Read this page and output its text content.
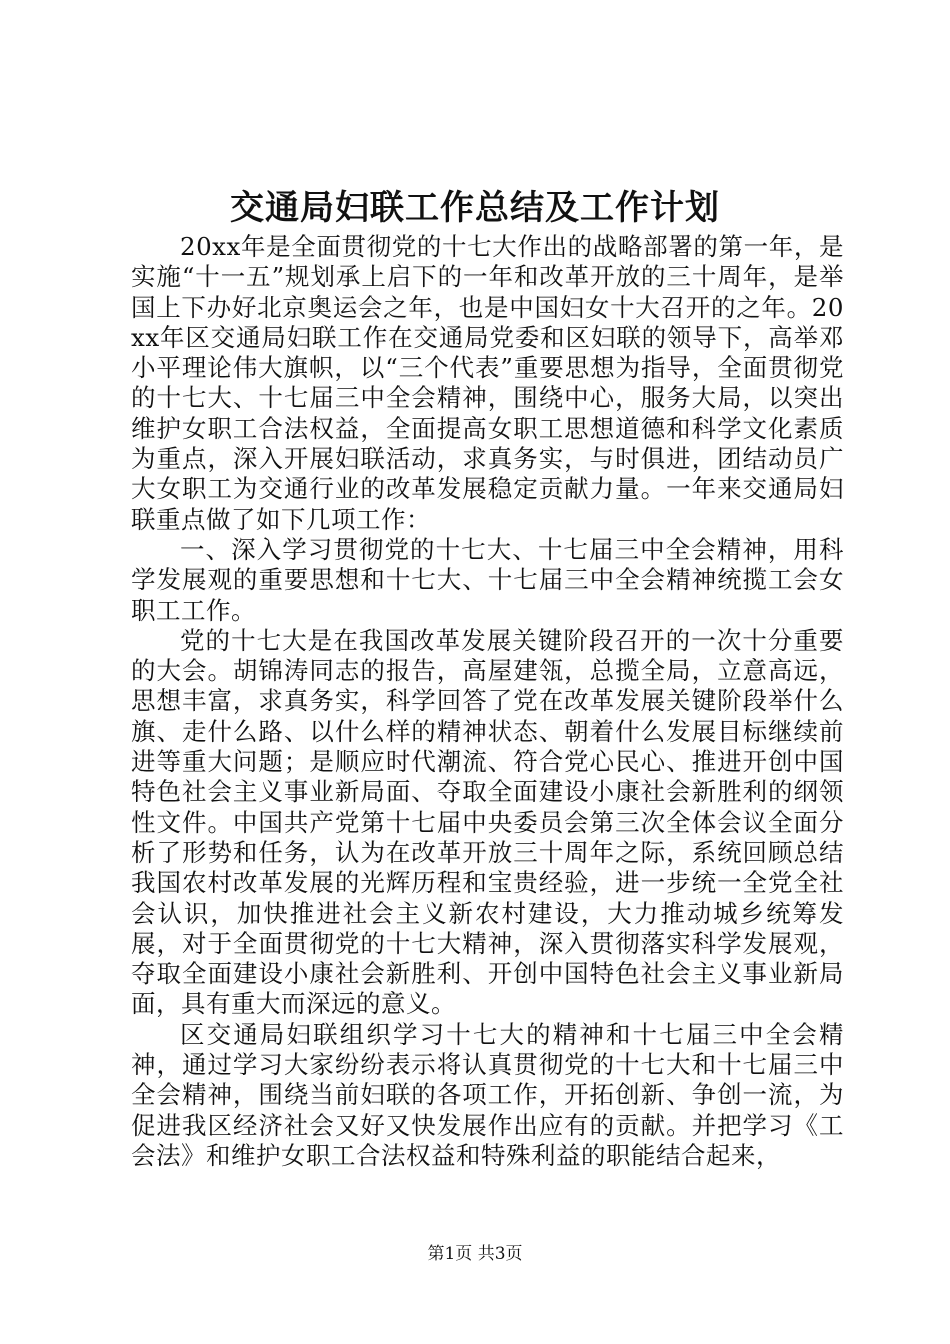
交通局妇联工作总结及工作计划

20xx年是全面贯彻党的十七大作出的战略部署的第一年，是实施“十一五”规划承上启下的一年和改革开放的三十周年，是举国上下办好北京奥运会之年，也是中国妇女十大召开的之年。20xx年区交通局妇联工作在交通局党委和区妇联的领导下，高举邓小平理论伟大旗帜，以“三个代表”重要思想为指导，全面贯彻党的十七大、十七届三中全会精神，围绕中心，服务大局，以突出维护女职工合法权益，全面提高女职工思想道德和科学文化素质为重点，深入开展妇联活动，求真务实，与时俱进，团结动员广大女职工为交通行业的改革发展稳定贡献力量。一年来交通局妇联重点做了如下几项工作：

一、深入学习贯彻党的十七大、十七届三中全会精神，用科学发展观的重要思想和十七大、十七届三中全会精神统揽工会女职工工作。

党的十七大是在我国改革发展关键阶段召开的一次十分重要的大会。胡锦涛同志的报告，高屋建瓴，总揽全局，立意高远，思想丰富，求真务实，科学回答了党在改革发展关键阶段举什么旗、走什么路、以什么样的精神状态、朝着什么发展目标继续前进等重大问题；是顺应时代潮流、符合党心民心、推进开创中国特色社会主义事业新局面、夺取全面建设小康社会新胜利的纲领性文件。中国共产党第十七届中央委员会第三次全体会议全面分析了形势和任务，认为在改革开放三十周年之际，系统回顾总结我国农村改革发展的光辉历程和宝贵经验，进一步统一全党全社会认识，加快推进社会主义新农村建设，大力推动城乡统筹发展，对于全面贯彻党的十七大精神，深入贯彻落实科学发展观，夺取全面建设小康社会新胜利、开创中国特色社会主义事业新局面，具有重大而深远的意义。

区交通局妇联组织学习十七大的精神和十七届三中全会精神，通过学习大家纷纷表示将认真贯彻党的十七大和十七届三中全会精神，围绕当前妇联的各项工作，开拓创新、争创一流，为促进我区经济社会又好又快发展作出应有的贡献。并把学习《工会法》和维护女职工合法权益和特殊利益的职能结合起来，

第1页 共3页
